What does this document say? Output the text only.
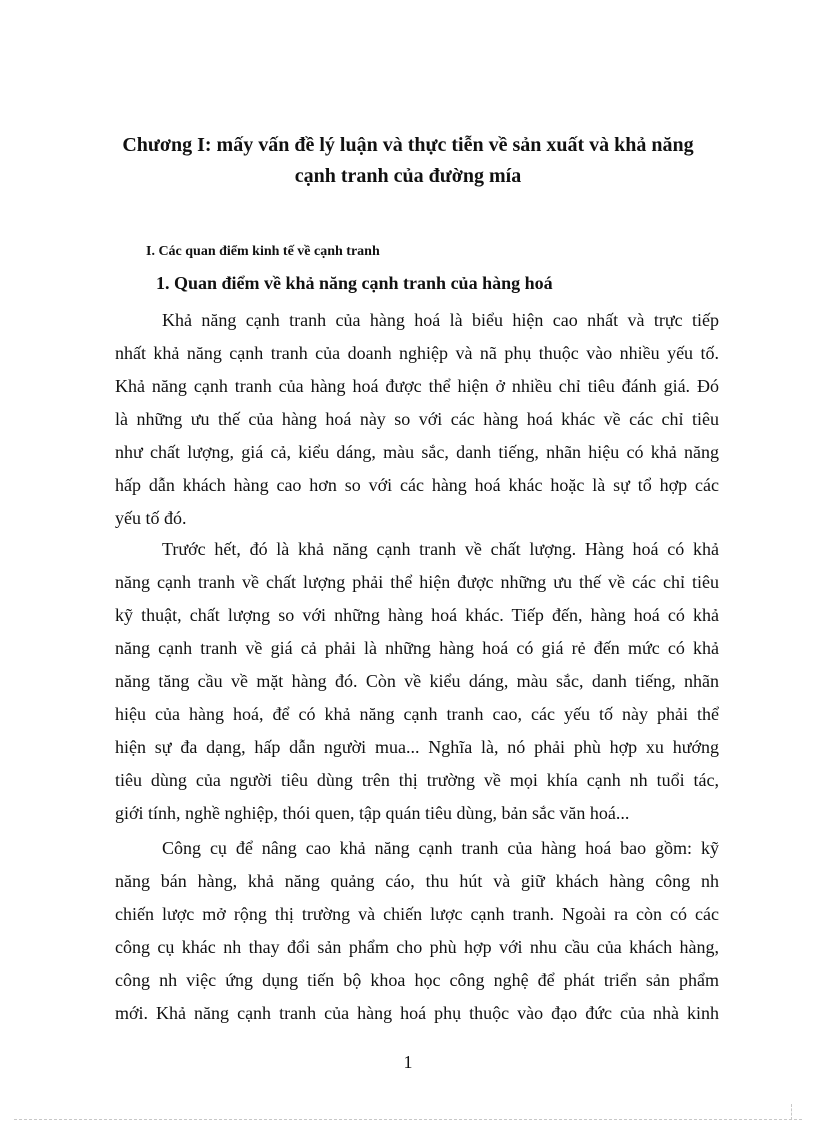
Chương I: mấy vấn đề lý luận và thực tiễn về sản xuất và khả năng
cạnh tranh của đường mía
I. Các quan điểm kinh tế về cạnh tranh
1. Quan điểm về khả năng cạnh tranh của hàng hoá

Khả năng cạnh tranh của hàng hoá là biểu hiện cao nhất và trực tiếp
nhất khả năng cạnh tranh của doanh nghiệp và nã phụ thuộc vào nhiều yếu tố.
Khả năng cạnh tranh của hàng hoá được thể hiện ở nhiều chỉ tiêu đánh giá. Đó
là những ưu thế của hàng hoá này so với các hàng hoá khác về các chỉ tiêu
như chất lượng, giá cả, kiểu dáng, màu sắc, danh tiếng, nhãn hiệu có khả năng
hấp dẫn khách hàng cao hơn so với các hàng hoá khác hoặc là sự tổ hợp các
yếu tố đó.

Trước hết, đó là khả năng cạnh tranh về chất lượng. Hàng hoá có khả
năng cạnh tranh về chất lượng phải thể hiện được những ưu thế về các chỉ tiêu
kỹ thuật, chất lượng so với những hàng hoá khác. Tiếp đến, hàng hoá có khả
năng cạnh tranh về giá cả phải là những hàng hoá có giá rẻ đến mức có khả
năng tăng cầu về mặt hàng đó. Còn về kiểu dáng, màu sắc, danh tiếng, nhãn
hiệu của hàng hoá, để có khả năng cạnh tranh cao, các yếu tố này phải thể
hiện sự đa dạng, hấp dẫn người mua... Nghĩa là, nó phải phù hợp xu hướng
tiêu dùng của người tiêu dùng trên thị trường về mọi khía cạnh nh tuổi tác,
giới tính, nghề nghiệp, thói quen, tập quán tiêu dùng, bản sắc văn hoá...

Công cụ để nâng cao khả năng cạnh tranh của hàng hoá bao gồm: kỹ
năng bán hàng, khả năng quảng cáo, thu hút và giữ khách hàng công nh
chiến lược mở rộng thị trường và chiến lược cạnh tranh. Ngoài ra còn có các
công cụ khác nh thay đổi sản phẩm cho phù hợp với nhu cầu của khách hàng,
công nh việc ứng dụng tiến bộ khoa học công nghệ để phát triển sản phẩm
mới. Khả năng cạnh tranh của hàng hoá phụ thuộc vào đạo đức của nhà kinh

1
